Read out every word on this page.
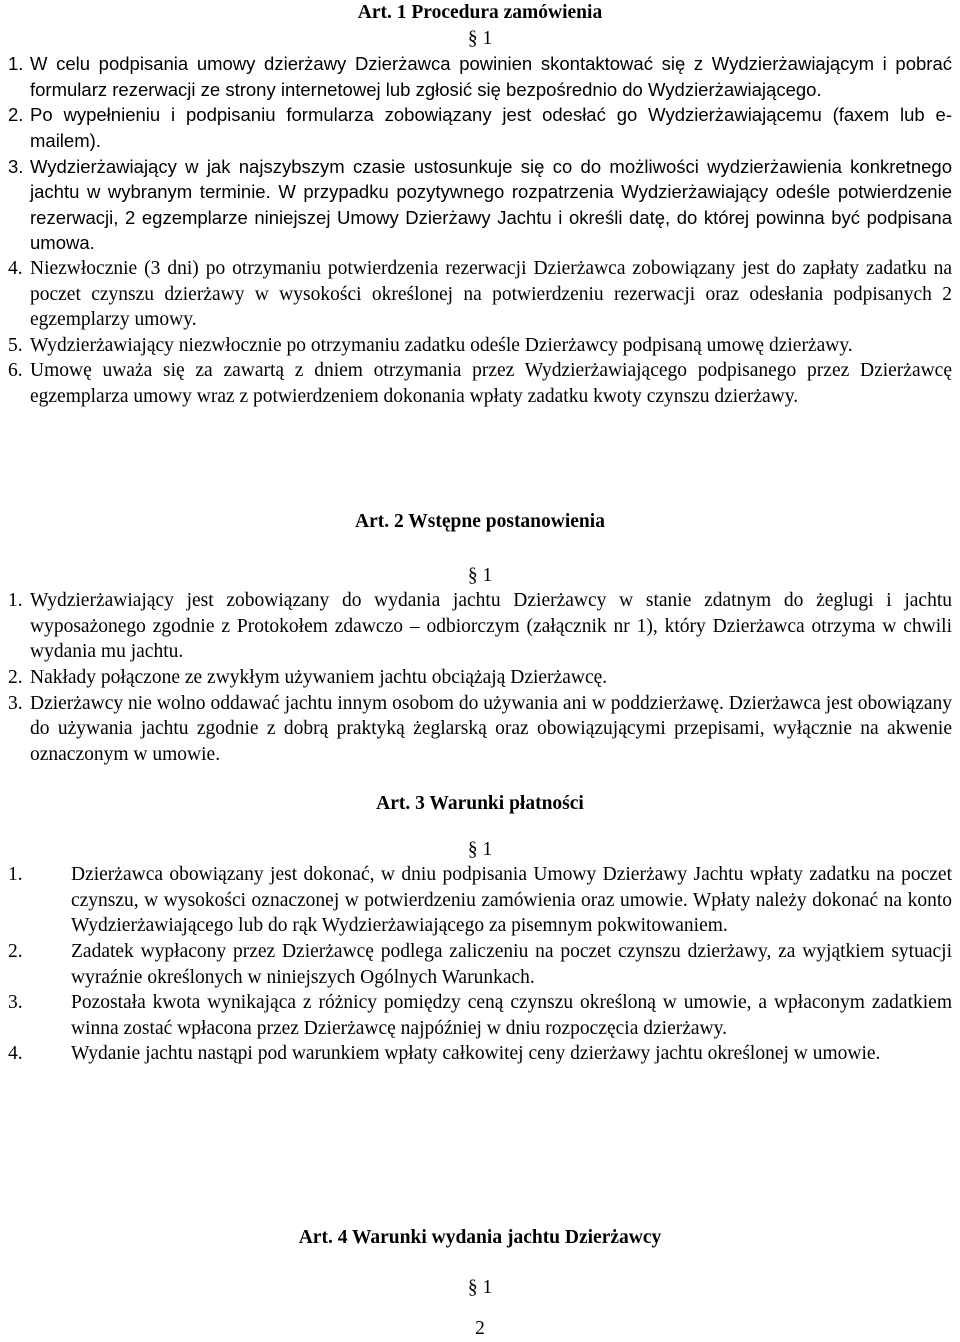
Art. 1 Procedura zamówienia

§ 1

1. W celu podpisania umowy dzierżawy Dzierżawca powinien skontaktować się z Wydzierżawiającym i pobrać formularz rezerwacji ze strony internetowej lub zgłosić się bezpośrednio do Wydzierżawiającego.
2. Po wypełnieniu i podpisaniu formularza zobowiązany jest odesłać go Wydzierżawiającemu (faxem lub e-mailem).
3. Wydzierżawiający w jak najszybszym czasie ustosunkuje się co do możliwości wydzierżawienia konkretnego jachtu w wybranym terminie. W przypadku pozytywnego rozpatrzenia Wydzierżawiający odeśle potwierdzenie rezerwacji, 2 egzemplarze niniejszej Umowy Dzierżawy Jachtu i określi datę, do której powinna być podpisana umowa.
4. Niezwłocznie (3 dni) po otrzymaniu potwierdzenia rezerwacji Dzierżawca zobowiązany jest do zapłaty zadatku na poczet czynszu dzierżawy w wysokości określonej na potwierdzeniu rezerwacji oraz odesłania podpisanych 2 egzemplarzy umowy.
5. Wydzierżawiający niezwłocznie po otrzymaniu zadatku odeśle Dzierżawcy podpisaną umowę dzierżawy.
6. Umowę uważa się za zawartą z dniem otrzymania przez Wydzierżawiającego podpisanego przez Dzierżawcę egzemplarza umowy wraz z potwierdzeniem dokonania wpłaty zadatku kwoty czynszu dzierżawy.

Art. 2 Wstępne postanowienia

§ 1

1. Wydzierżawiający jest zobowiązany do wydania jachtu Dzierżawcy w stanie zdatnym do żeglugi i jachtu wyposażonego zgodnie z Protokołem zdawczo – odbiorczym (załącznik nr 1), który Dzierżawca otrzyma w chwili wydania mu jachtu.
2. Nakłady połączone ze zwykłym używaniem jachtu obciążają Dzierżawcę.
3. Dzierżawcy nie wolno oddawać jachtu innym osobom do używania ani w poddzierżawę. Dzierżawca jest obowiązany do używania jachtu zgodnie z dobrą praktyką żeglarską oraz obowiązującymi przepisami, wyłącznie na akwenie oznaczonym w umowie.

Art. 3 Warunki płatności

§ 1

1.	Dzierżawca obowiązany jest dokonać, w dniu podpisania Umowy Dzierżawy Jachtu wpłaty zadatku na poczet czynszu, w wysokości oznaczonej w potwierdzeniu zamówienia oraz umowie. Wpłaty należy dokonać na konto Wydzierżawiającego lub do rąk Wydzierżawiającego za pisemnym pokwitowaniem.
2.	Zadatek wypłacony przez Dzierżawcę podlega zaliczeniu na poczet czynszu dzierżawy, za wyjątkiem sytuacji wyraźnie określonych w niniejszych Ogólnych Warunkach.
3.	Pozostała kwota wynikająca z różnicy pomiędzy ceną czynszu określoną w umowie, a wpłaconym zadatkiem winna zostać wpłacona przez Dzierżawcę najpóźniej w dniu rozpoczęcia dzierżawy.
4.	Wydanie jachtu nastąpi pod warunkiem wpłaty całkowitej ceny dzierżawy jachtu określonej w umowie.

Art. 4 Warunki wydania jachtu Dzierżawcy

§ 1

2
